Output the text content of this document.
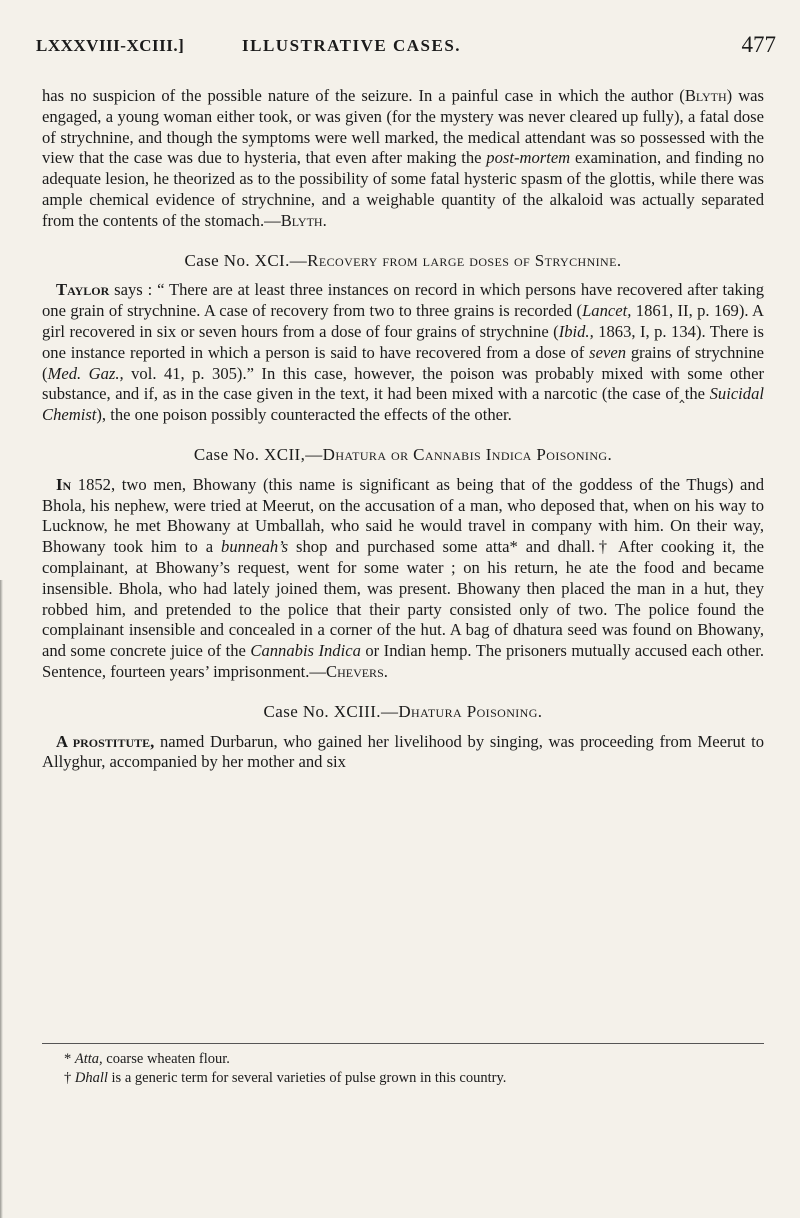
LXXXVIII-XCIII.]	ILLUSTRATIVE CASES.	477

has no suspicion of the possible nature of the seizure. In a painful case in which the author (Blyth) was engaged, a young woman either took, or was given (for the mystery was never cleared up fully), a fatal dose of strychnine, and though the symptoms were well marked, the medical attendant was so possessed with the view that the case was due to hysteria, that even after making the post-mortem examination, and finding no adequate lesion, he theorized as to the possibility of some fatal hysteric spasm of the glottis, while there was ample chemical evidence of strychnine, and a weighable quantity of the alkaloid was actually separated from the contents of the stomach.—Blyth.

Case No. XCI.—Recovery from large doses of Strychnine.

Taylor says : “ There are at least three instances on record in which persons have recovered after taking one grain of strychnine. A case of recovery from two to three grains is recorded (Lancet, 1861, II, p. 169). A girl recovered in six or seven hours from a dose of four grains of strychnine (Ibid., 1863, I, p. 134). There is one instance reported in which a person is said to have recovered from a dose of seven grains of strychnine (Med. Gaz., vol. 41, p. 305).” In this case, however, the poison was probably mixed with some other substance, and if, as in the case given in the text, it had been mixed with a narcotic (the case of‸the Suicidal Chemist), the one poison possibly counteracted the effects of the other.

Case No. XCII,—Dhatura or Cannabis Indica Poisoning.

In 1852, two men, Bhowany (this name is significant as being that of the goddess of the Thugs) and Bhola, his nephew, were tried at Meerut, on the accusation of a man, who deposed that, when on his way to Lucknow, he met Bhowany at Umballah, who said he would travel in company with him. On their way, Bhowany took him to a bunneah’s shop and purchased some atta* and dhall.† After cooking it, the complainant, at Bhowany’s request, went for some water ; on his return, he ate the food and became insensible. Bhola, who had lately joined them, was present. Bhowany then placed the man in a hut, they robbed him, and pretended to the police that their party consisted only of two. The police found the complainant insensible and concealed in a corner of the hut. A bag of dhatura seed was found on Bhowany, and some concrete juice of the Cannabis Indica or Indian hemp. The prisoners mutually accused each other. Sentence, fourteen years’ imprisonment.—Chevers.

Case No. XCIII.—Dhatura Poisoning.

A prostitute, named Durbarun, who gained her livelihood by singing, was proceeding from Meerut to Allyghur, accompanied by her mother and six

* Atta, coarse wheaten flour.

† Dhall is a generic term for several varieties of pulse grown in this country.
